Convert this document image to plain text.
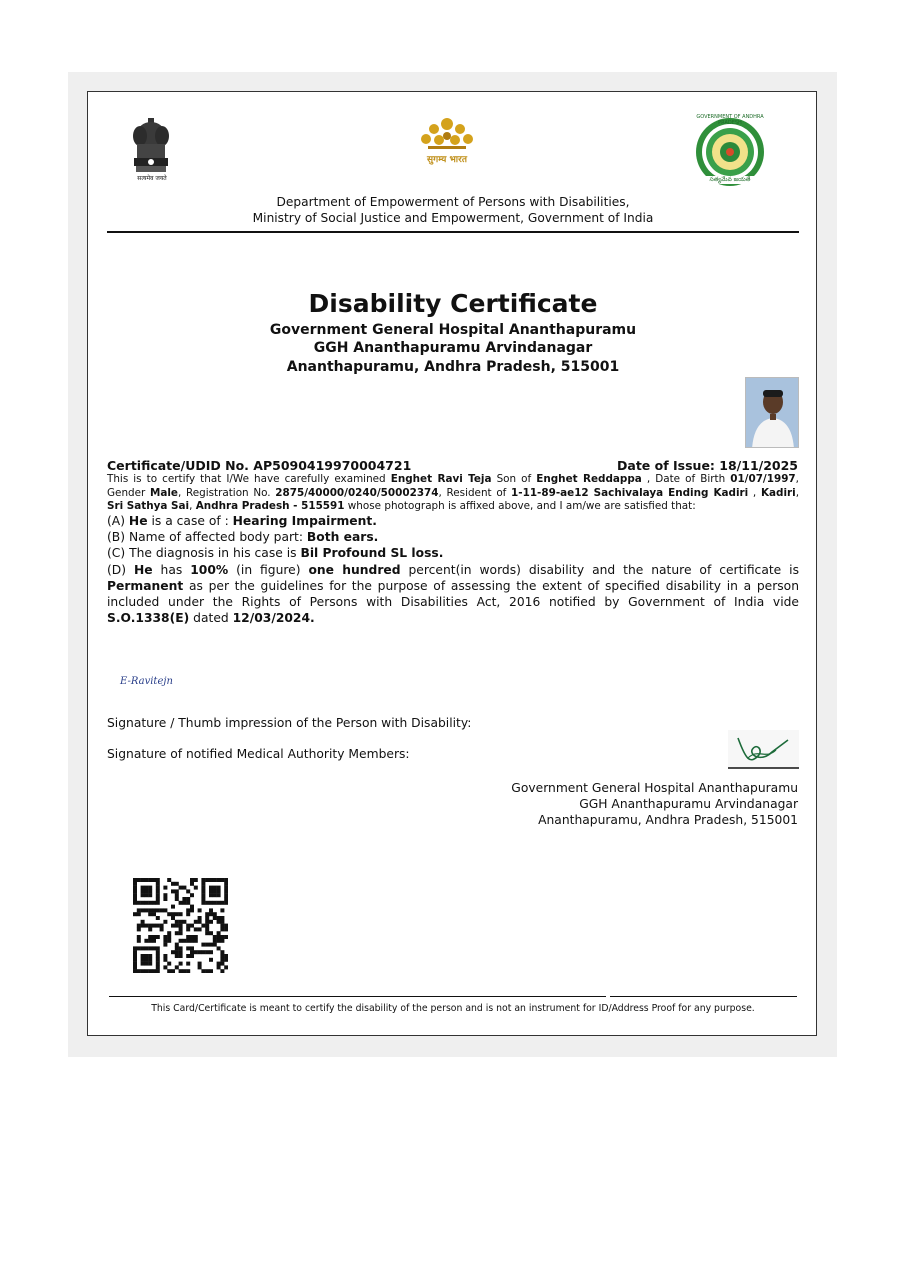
सत्यमेव जयते
सुगम्य भारत
GOVERNMENT OF ANDHRA PRADESH
సత్యమేవ జయతే
Department of Empowerment of Persons with Disabilities,
Ministry of Social Justice and Empowerment, Government of India
Disability Certificate
Government General Hospital Ananthapuramu
GGH Ananthapuramu Arvindanagar
Ananthapuramu, Andhra Pradesh, 515001
Certificate/UDID No. AP5090419970004721	Date of Issue: 18/11/2025
This is to certify that I/We have carefully examined Enghet Ravi Teja Son of Enghet Reddappa , Date of Birth 01/07/1997, Gender Male, Registration No. 2875/40000/0240/50002374, Resident of 1-11-89-ae12 Sachivalaya Ending Kadiri , Kadiri, Sri Sathya Sai, Andhra Pradesh - 515591 whose photograph is affixed above, and I am/we are satisfied that:
(A) He is a case of : Hearing Impairment.
(B) Name of affected body part: Both ears.
(C) The diagnosis in his case is Bil Profound SL loss.
(D) He has 100% (in figure) one hundred percent(in words) disability and the nature of certificate is Permanent as per the guidelines for the purpose of assessing the extent of specified disability in a person included under the Rights of Persons with Disabilities Act, 2016 notified by Government of India vide S.O.1338(E) dated 12/03/2024.
E-Ravitejn
Signature / Thumb impression of the Person with Disability:
Signature of notified Medical Authority Members:
Government General Hospital Ananthapuramu
GGH Ananthapuramu Arvindanagar
Ananthapuramu, Andhra Pradesh, 515001
This Card/Certificate is meant to certify the disability of the person and is not an instrument for ID/Address Proof for any purpose.
